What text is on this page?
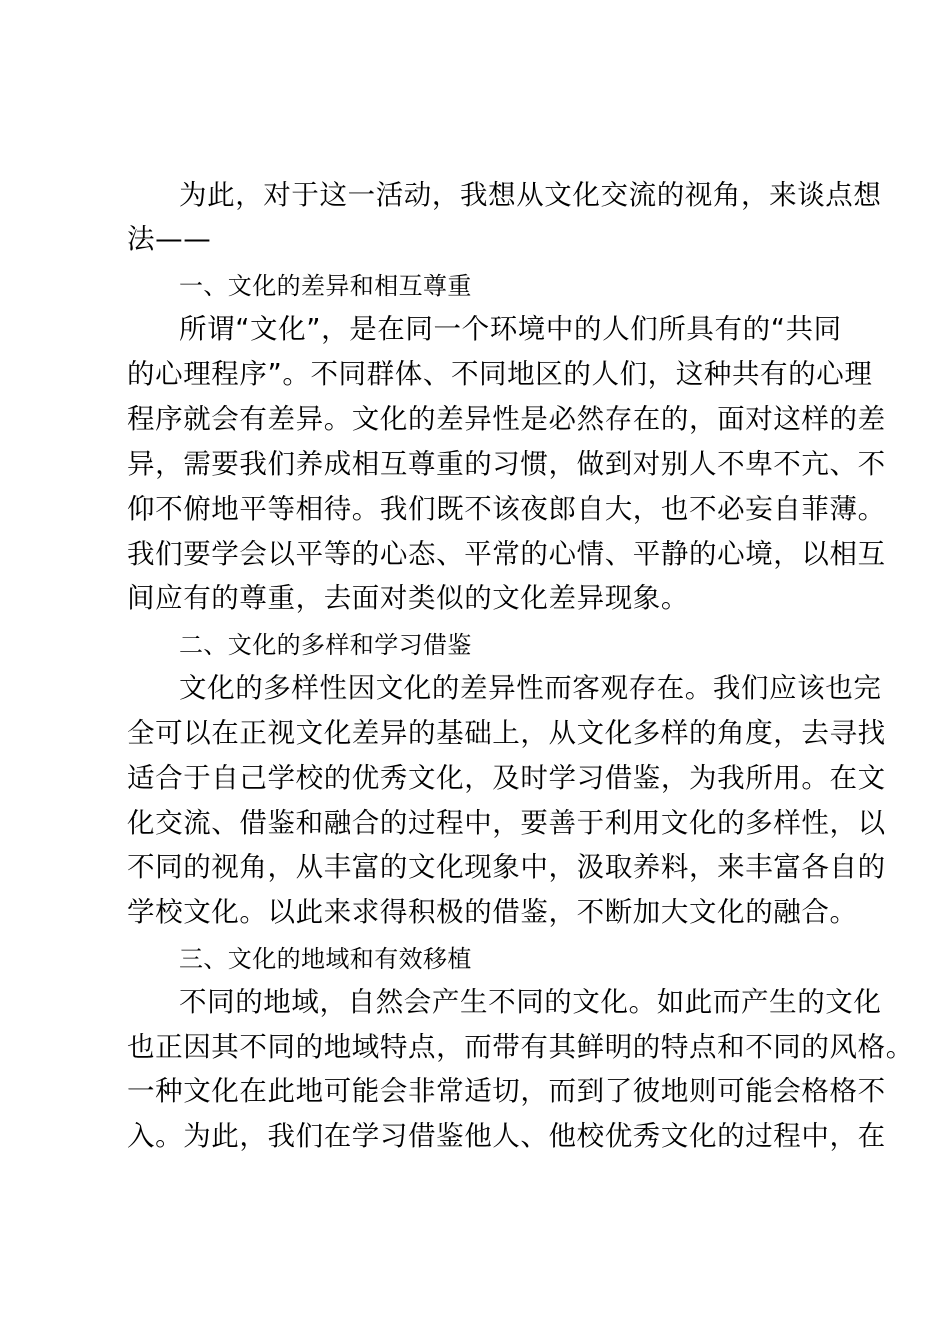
为此，对于这一活动，我想从文化交流的视角，来谈点想
法——
一、文化的差异和相互尊重
所谓“文化”，是在同一个环境中的人们所具有的“共同
的心理程序”。不同群体、不同地区的人们，这种共有的心理
程序就会有差异。文化的差异性是必然存在的，面对这样的差
异，需要我们养成相互尊重的习惯，做到对别人不卑不亢、不
仰不俯地平等相待。我们既不该夜郎自大，也不必妄自菲薄。
我们要学会以平等的心态、平常的心情、平静的心境，以相互
间应有的尊重，去面对类似的文化差异现象。
二、文化的多样和学习借鉴
文化的多样性因文化的差异性而客观存在。我们应该也完
全可以在正视文化差异的基础上，从文化多样的角度，去寻找
适合于自己学校的优秀文化，及时学习借鉴，为我所用。在文
化交流、借鉴和融合的过程中，要善于利用文化的多样性，以
不同的视角，从丰富的文化现象中，汲取养料，来丰富各自的
学校文化。以此来求得积极的借鉴，不断加大文化的融合。
三、文化的地域和有效移植
不同的地域，自然会产生不同的文化。如此而产生的文化
也正因其不同的地域特点，而带有其鲜明的特点和不同的风格。
一种文化在此地可能会非常适切，而到了彼地则可能会格格不
入。为此，我们在学习借鉴他人、他校优秀文化的过程中，在
